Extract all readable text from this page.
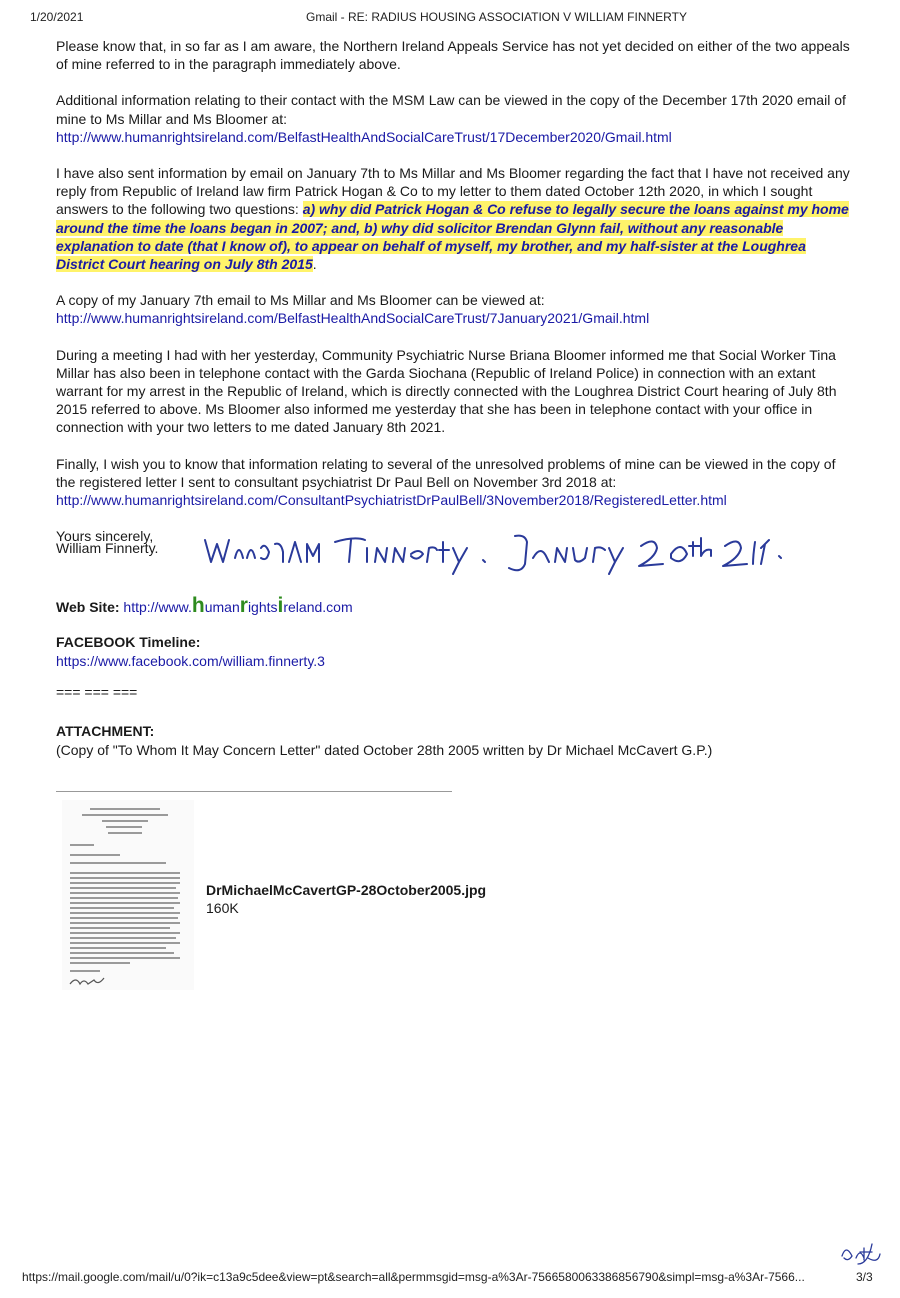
1/20/2021	Gmail - RE: RADIUS HOUSING ASSOCIATION V WILLIAM FINNERTY

Please know that, in so far as I am aware, the Northern Ireland Appeals Service has not yet decided on either of the two appeals of mine referred to in the paragraph immediately above.

Additional information relating to their contact with the MSM Law can be viewed in the copy of the December 17th 2020 email of mine to Ms Millar and Ms Bloomer at:
http://www.humanrightsireland.com/BelfastHealthAndSocialCareTrust/17December2020/Gmail.html

I have also sent information by email on January 7th to Ms Millar and Ms Bloomer regarding the fact that I have not received any reply from Republic of Ireland law firm Patrick Hogan & Co to my letter to them dated October 12th 2020, in which I sought answers to the following two questions: a) why did Patrick Hogan & Co refuse to legally secure the loans against my home around the time the loans began in 2007; and, b) why did solicitor Brendan Glynn fail, without any reasonable explanation to date (that I know of), to appear on behalf of myself, my brother, and my half-sister at the Loughrea District Court hearing on July 8th 2015.

A copy of my January 7th email to Ms Millar and Ms Bloomer can be viewed at:
http://www.humanrightsireland.com/BelfastHealthAndSocialCareTrust/7January2021/Gmail.html

During a meeting I had with her yesterday, Community Psychiatric Nurse Briana Bloomer informed me that Social Worker Tina Millar has also been in telephone contact with the Garda Siochana (Republic of Ireland Police) in connection with an extant warrant for my arrest in the Republic of Ireland, which is directly connected with the Loughrea District Court hearing of July 8th 2015 referred to above. Ms Bloomer also informed me yesterday that she has been in telephone contact with your office in connection with your two letters to me dated January 8th 2021.

Finally, I wish you to know that information relating to several of the unresolved problems of mine can be viewed in the copy of the registered letter I sent to consultant psychiatrist Dr Paul Bell on November 3rd 2018 at:
http://www.humanrightsireland.com/ConsultantPsychiatristDrPaulBell/3November2018/RegisteredLetter.html

Yours sincerely,

William Finnerty.
Web Site: http://www.humanrightsireland.com
FACEBOOK Timeline:
https://www.facebook.com/william.finnerty.3
=== === ===
ATTACHMENT:
(Copy of "To Whom It May Concern Letter" dated October 28th 2005 written by Dr Michael McCavert G.P.)
DrMichaelMcCavertGP-28October2005.jpg
160K
https://mail.google.com/mail/u/0?ik=c13a9c5dee&view=pt&search=all&permmsgid=msg-a%3Ar-7566580063386856790&simpl=msg-a%3Ar-7566...	3/3
